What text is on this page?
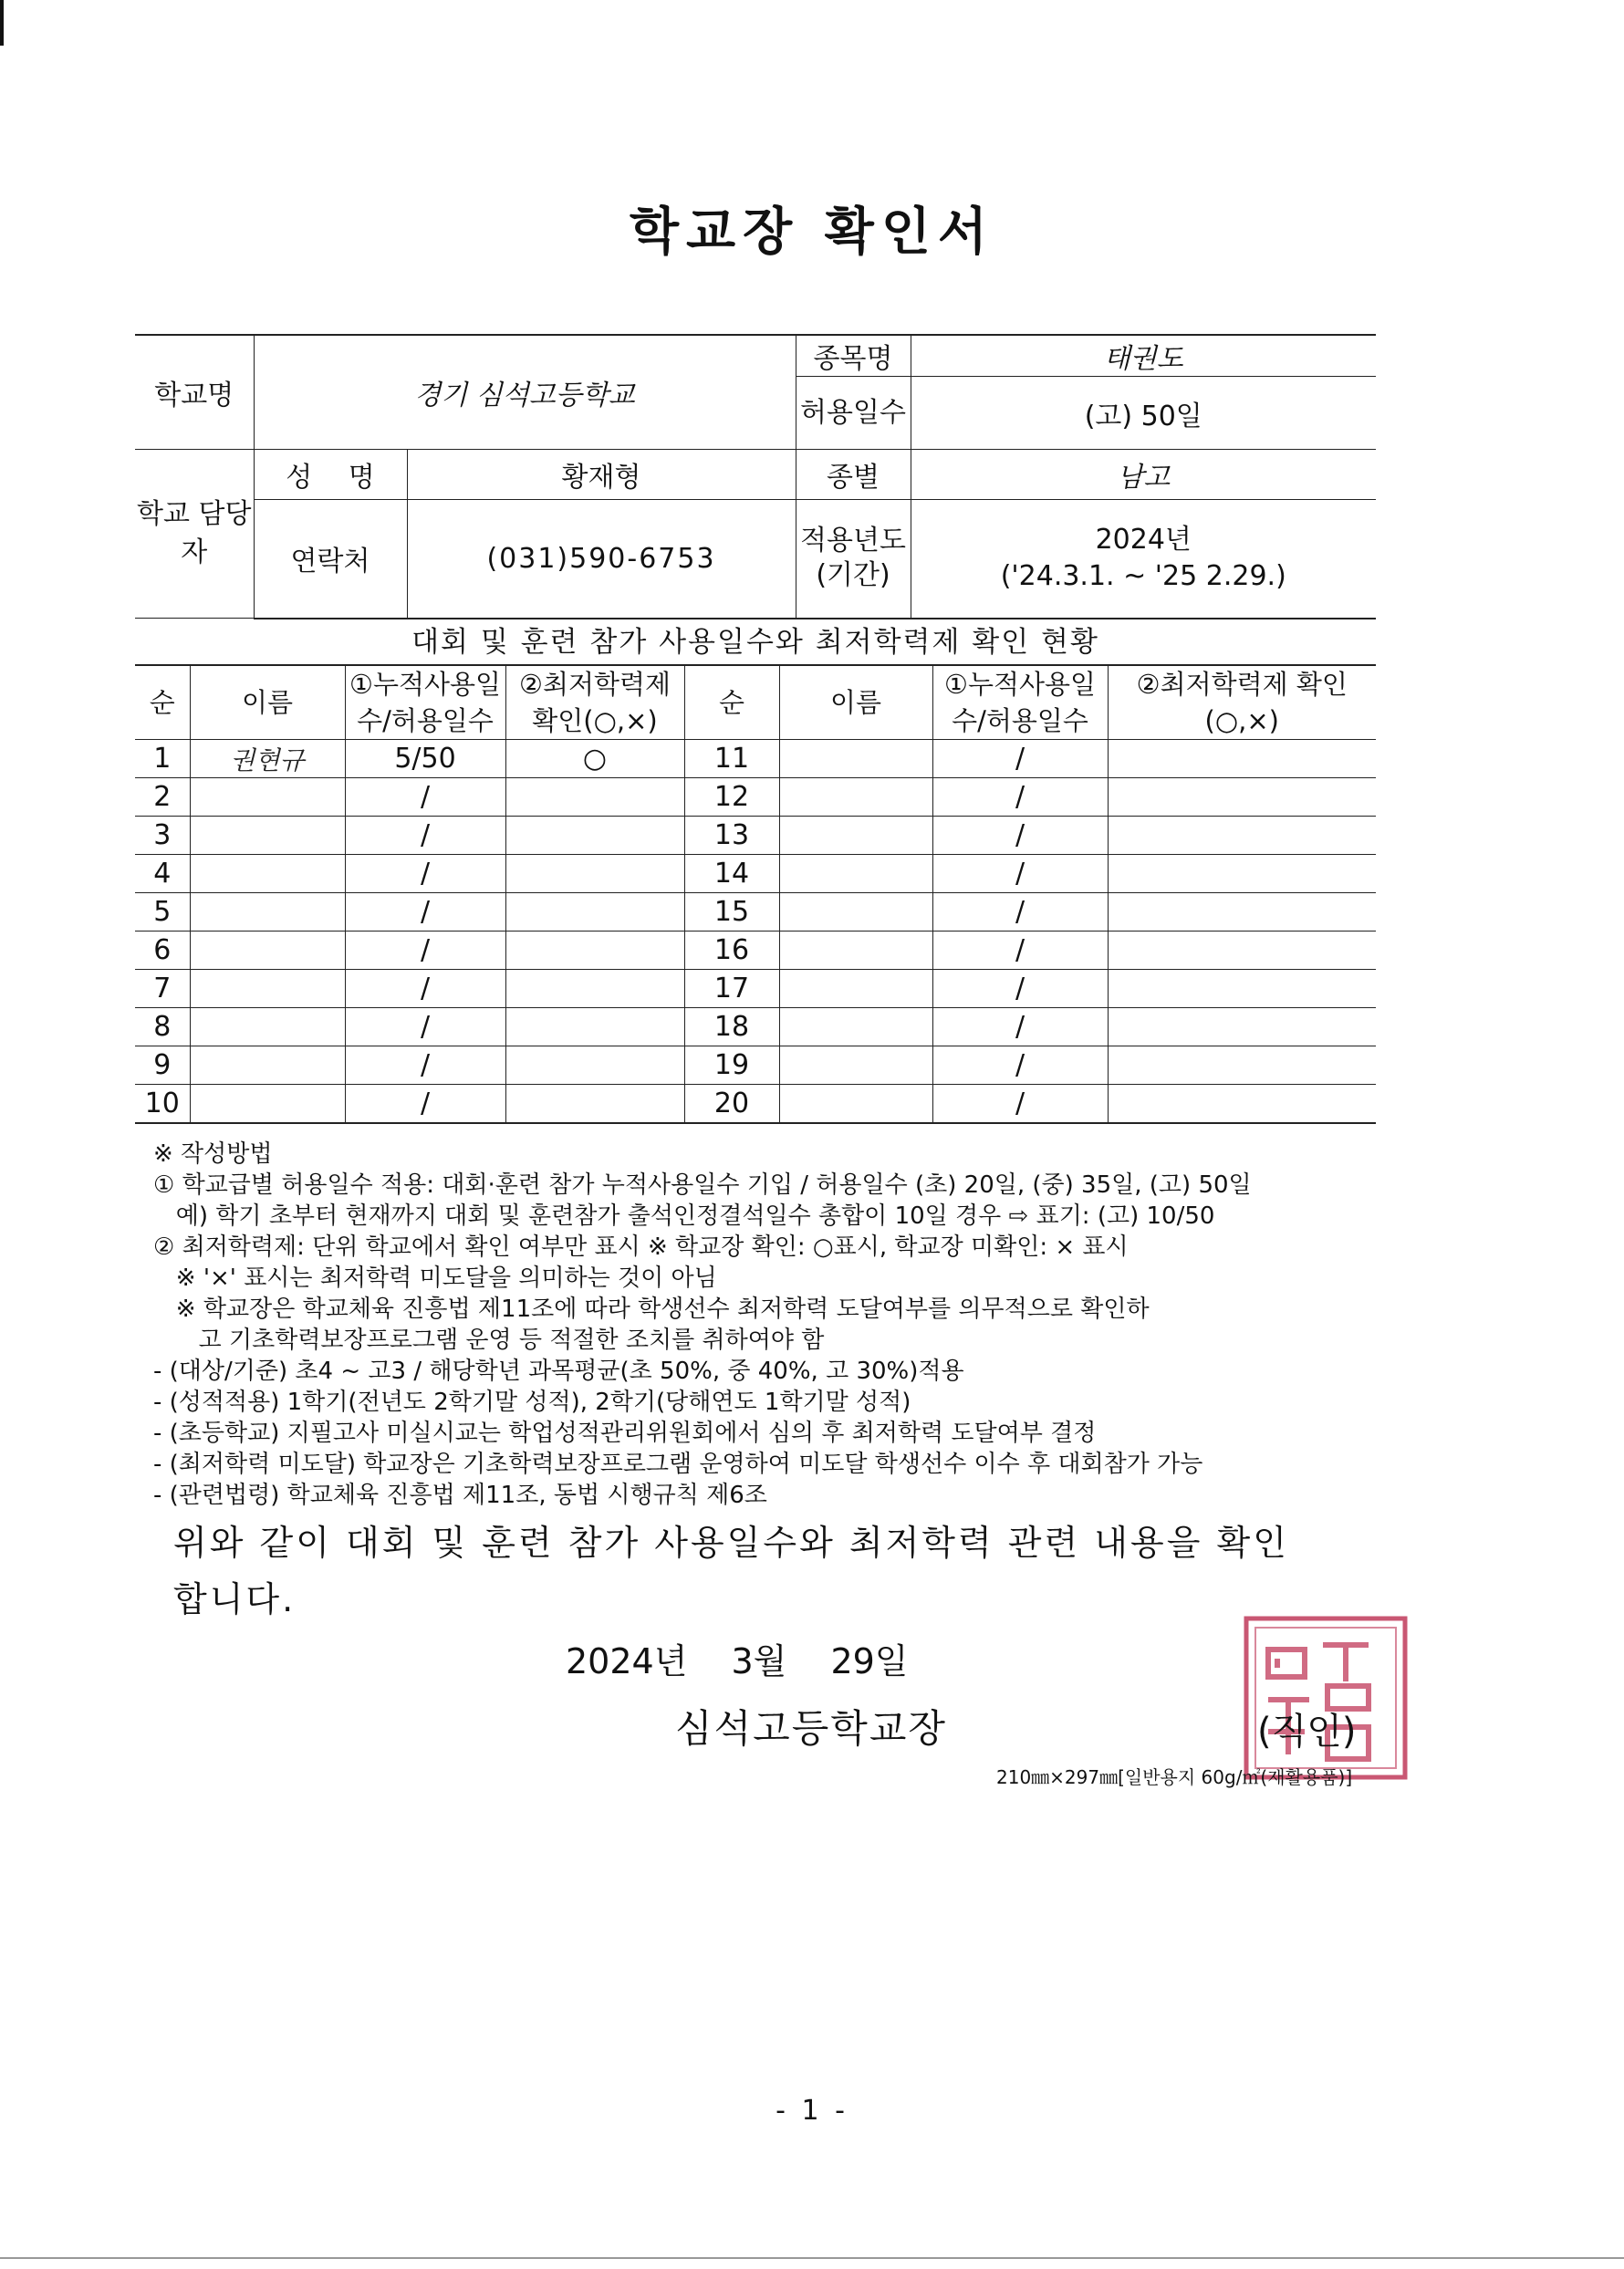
학교장 확인서
학교명	경기 심석고등학교		종목명	태권도
			허용일수	(고) 50일
학교 담당자	성 명	황재형	종별	남고
	연락처	(031)590-6753	적용년도 (기간)	2024년
('24.3.1. ~ '25 2.29.)
대회 및 훈련 참가 사용일수와 최저학력제 확인 현황
순	이름	①누적사용일수/허용일수	②최저학력제 확인(○,×)	순	이름	①누적사용일수/허용일수	②최저학력제 확인(○,×)
1	권현규	5/50	○	11		/	
2		/		12		/	
3		/		13		/	
4		/		14		/	
5		/		15		/	
6		/		16		/	
7		/		17		/	
8		/		18		/	
9		/		19		/	
10		/		20		/	
※ 작성방법
① 학교급별 허용일수 적용: 대회·훈련 참가 누적사용일수 기입 / 허용일수 (초) 20일, (중) 35일, (고) 50일
예) 학기 초부터 현재까지 대회 및 훈련참가 출석인정결석일수 총합이 10일 경우 ⇨ 표기: (고) 10/50
② 최저학력제: 단위 학교에서 확인 여부만 표시 ※ 학교장 확인: ○표시, 학교장 미확인: × 표시
※ '×' 표시는 최저학력 미도달을 의미하는 것이 아님
※ 학교장은 학교체육 진흥법 제11조에 따라 학생선수 최저학력 도달여부를 의무적으로 확인하
고 기초학력보장프로그램 운영 등 적절한 조치를 취하여야 함
- (대상/기준) 초4 ~ 고3 / 해당학년 과목평균(초 50%, 중 40%, 고 30%)적용
- (성적적용) 1학기(전년도 2학기말 성적), 2학기(당해연도 1학기말 성적)
- (초등학교) 지필고사 미실시교는 학업성적관리위원회에서 심의 후 최저학력 도달여부 결정
- (최저학력 미도달) 학교장은 기초학력보장프로그램 운영하여 미도달 학생선수 이수 후 대회참가 가능
- (관련법령) 학교체육 진흥법 제11조, 동법 시행규칙 제6조
위와 같이 대회 및 훈련 참가 사용일수와 최저학력 관련 내용을 확인
합니다.
2024년 3월 29일
심석고등학교장	(직인)
210㎜×297㎜[일반용지 60g/㎡(재활용품)]
- 1 -
